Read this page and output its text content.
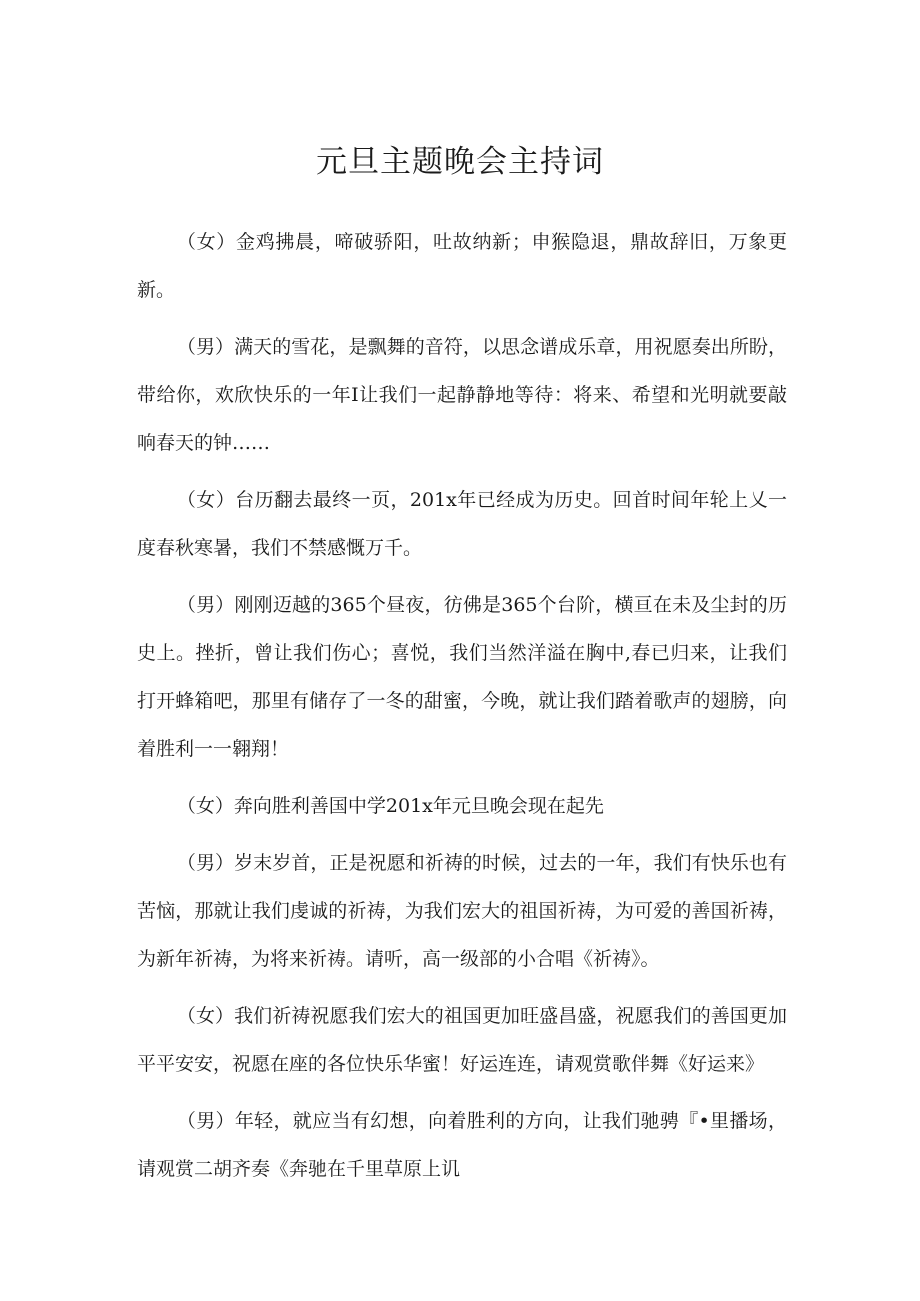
元旦主题晚会主持词

（女）金鸡拂晨，啼破骄阳，吐故纳新；申猴隐退，鼎故辞旧，万象更新。

（男）满天的雪花，是飘舞的音符，以思念谱成乐章，用祝愿奏出所盼，带给你，欢欣快乐的一年I让我们一起静静地等待：将来、希望和光明就要敲响春天的钟……

（女）台历翻去最终一页，201x年已经成为历史。回首时间年轮上乂一度春秋寒暑，我们不禁感慨万千。

（男）刚刚迈越的365个昼夜，彷佛是365个台阶，横亘在未及尘封的历史上。挫折，曾让我们伤心；喜悦，我们当然洋溢在胸中,春已归来，让我们打开蜂箱吧，那里有储存了一冬的甜蜜，今晚，就让我们踏着歌声的翅膀，向着胜利一一翱翔！

（女）奔向胜利善国中学201x年元旦晚会现在起先

（男）岁末岁首，正是祝愿和祈祷的时候，过去的一年，我们有快乐也有苦恼，那就让我们虔诚的祈祷，为我们宏大的祖国祈祷，为可爱的善国祈祷，为新年祈祷，为将来祈祷。请听，高一级部的小合唱《祈祷》。

（女）我们祈祷祝愿我们宏大的祖国更加旺盛昌盛，祝愿我们的善国更加平平安安，祝愿在座的各位快乐华蜜！好运连连，请观赏歌伴舞《好运来》

（男）年轻，就应当有幻想，向着胜利的方向，让我们驰骋『•里播场，请观赏二胡齐奏《奔驰在千里草原上讥
